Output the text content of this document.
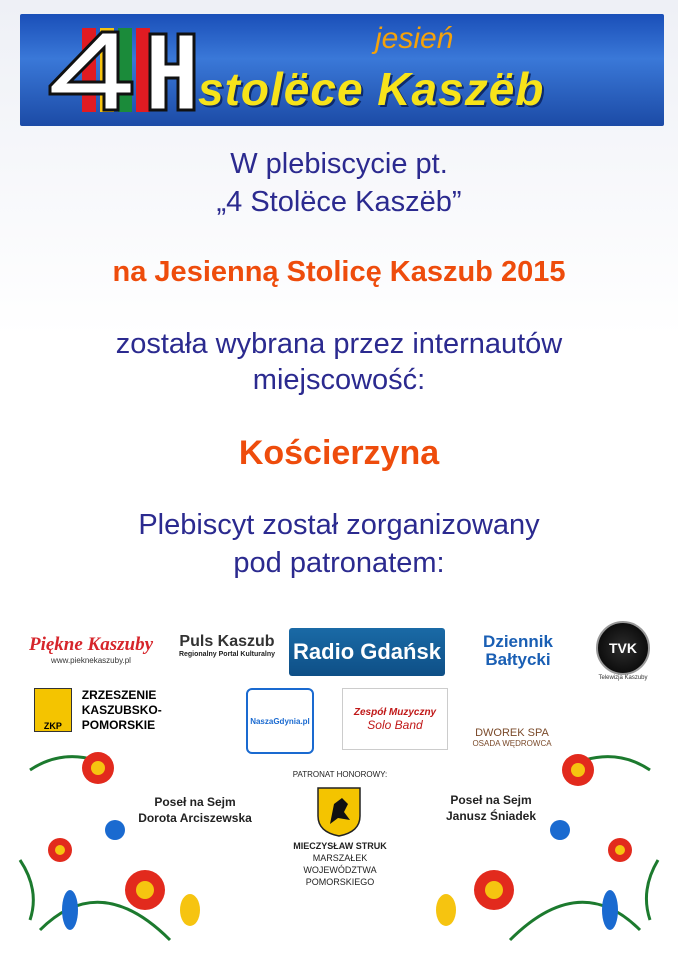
jesień
stolëce Kaszëb
W plebiscycie pt.
„4 Stolëce Kaszëb”
na Jesienną Stolicę Kaszub 2015
została wybrana przez internautów
miejscowość:
Kościerzyna
Plebiscyt został zorganizowany
pod patronatem:
Piękne Kaszuby
www.pieknekaszuby.pl
Puls Kaszub
Regionalny Portal Kulturalny Radio Gdańsk Dziennik
Bałtycki
TVK
Telewizja Kaszuby
ZKP
ZRZESZENIE
KASZUBSKO-POMORSKIE	NaszaGdynia.pl
Zespół Muzyczny
Solo Band
DWOREK SPA
OSADA WĘDROWCA
Poseł na Sejm
Dorota Arciszewska
PATRONAT HONOROWY:
MIECZYSŁAW STRUK
MARSZAŁEK
WOJEWÓDZTWA POMORSKIEGO
Poseł na Sejm
Janusz Śniadek
